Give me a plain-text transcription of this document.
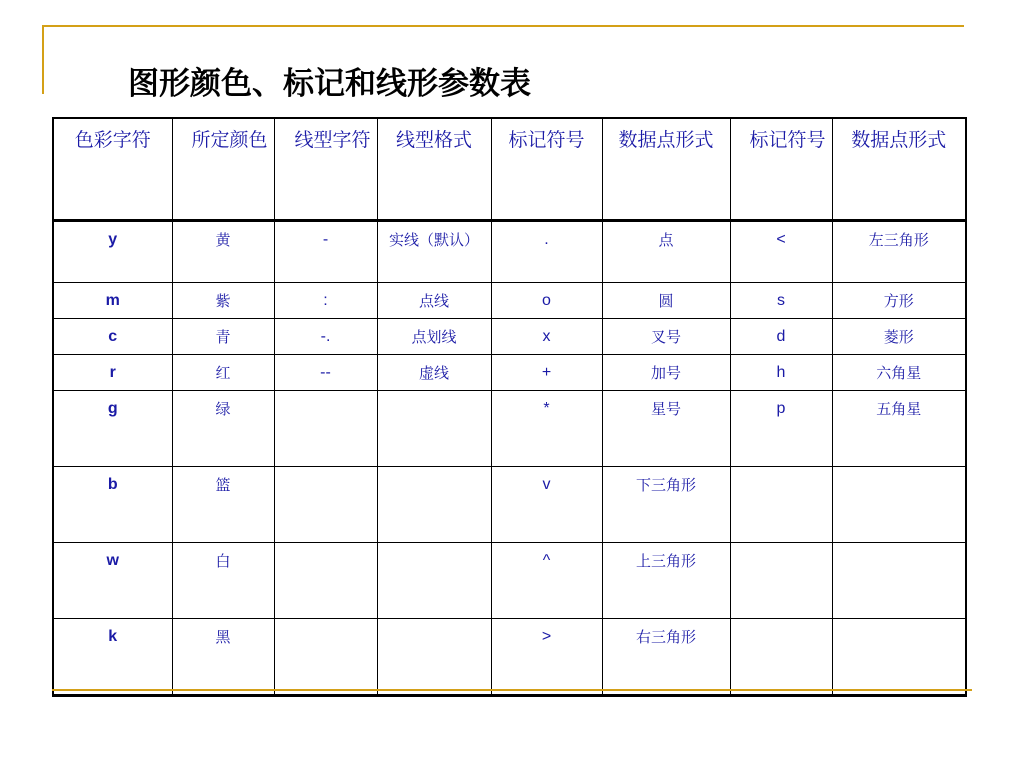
图形颜色、标记和线形参数表
色彩字符	所定颜色	线型字符	线型格式	标记符号	数据点形式	标记符号	数据点形式
y	黄	-	实线（默认）	.	点	<	左三角形
m	紫	:	点线	o	圆	s	方形
c	青	-.	点划线	x	叉号	d	菱形
r	红	--	虚线	+	加号	h	六角星
g	绿			*	星号	p	五角星
b	篮			v	下三角形		
w	白			^	上三角形		
k	黑			>	右三角形		
